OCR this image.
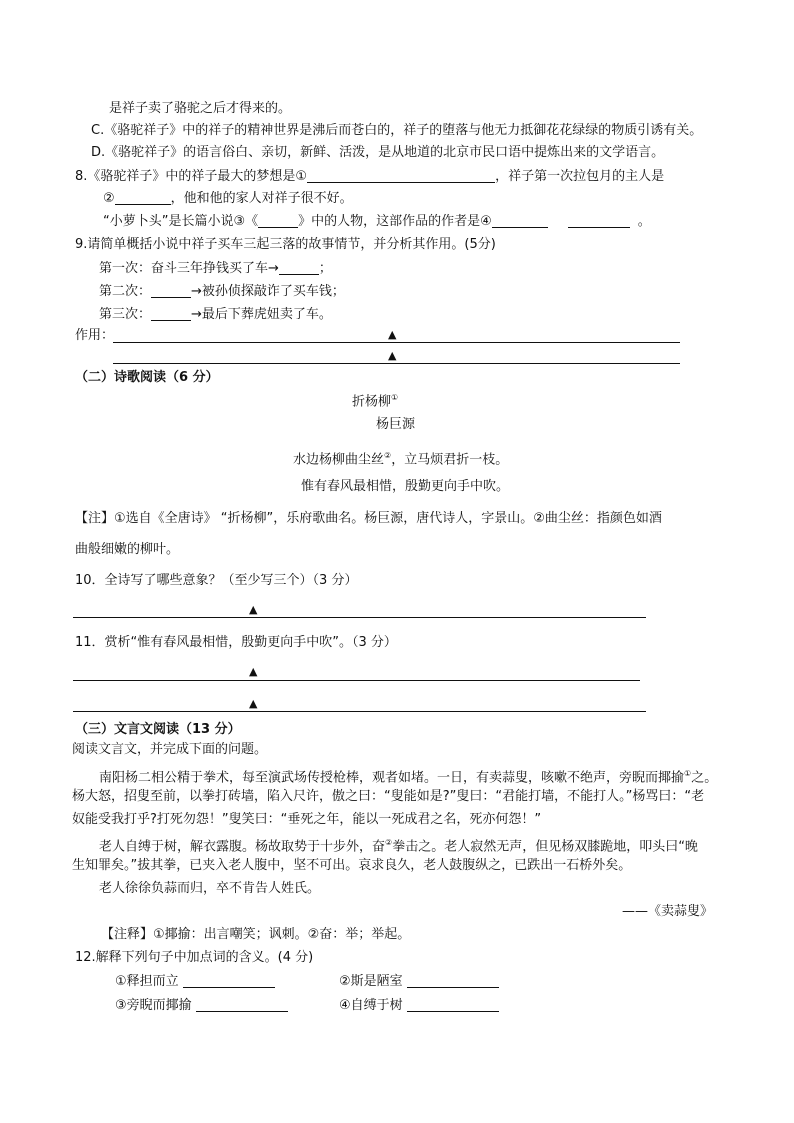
是祥子卖了骆驼之后才得来的。
C.《骆驼祥子》中的祥子的精神世界是沸后而苍白的，祥子的堕落与他无力抵御花花绿绿的物质引诱有关。
D.《骆驼祥子》的语言俗白、亲切，新鲜、活泼，是从地道的北京市民口语中提炼出来的文学语言。
8.《骆驼祥子》中的祥子最大的梦想是①	，祥子第一次拉包月的主人是
②	，他和他的家人对祥子很不好。
“小萝卜头”是长篇小说③《	》中的人物，这部作品的作者是④	。
9.请简单概括小说中祥子买车三起三落的故事情节，并分析其作用。(5分)
第一次：奋斗三年挣钱买了车→	；
第二次：	→被孙侦探敲诈了买车钱；
第三次：	→最后下葬虎妞卖了车。
作用：	▲
▲
（二）诗歌阅读（6 分）
折杨柳①
杨巨源
水边杨柳曲尘丝②，立马烦君折一枝。
惟有春风最相惜，殷勤更向手中吹。
【注】①选自《全唐诗》 “折杨柳”，乐府歌曲名。杨巨源，唐代诗人，字景山。②曲尘丝：指颜色如酒
曲般细嫩的柳叶。
10．全诗写了哪些意象？（至少写三个）（3 分）
▲
11．赏析“惟有春风最相惜，殷勤更向手中吹”。（3 分）
▲
▲
（三）文言文阅读（13 分）
阅读文言文，并完成下面的问题。
南阳杨二相公精于拳术，每至演武场传授枪棒，观者如堵。一日，有卖蒜叟，咳嗽不绝声，旁睨而揶揄①之。
杨大怒，招叟至前，以拳打砖墙，陷入尺许，傲之曰：“叟能如是?”叟曰：“君能打墙，不能打人。”杨骂曰：“老
奴能受我打乎?打死勿怨！”叟笑曰：“垂死之年，能以一死成君之名，死亦何怨！”
老人自缚于树，解衣露腹。杨故取势于十步外，奋②拳击之。老人寂然无声，但见杨双膝跪地，叩头曰“晚
生知罪矣。”拔其拳，已夹入老人腹中，坚不可出。哀求良久，老人鼓腹纵之，已跌出一石桥外矣。
老人徐徐负蒜而归，卒不肯告人姓氏。
——《卖蒜叟》
【注释】①揶揄：出言嘲笑；讽刺。②奋：举；举起。
12.解释下列句子中加点词的含义。(4 分)
①释担而立	②斯是陋室
③旁睨而揶揄	④自缚于树
